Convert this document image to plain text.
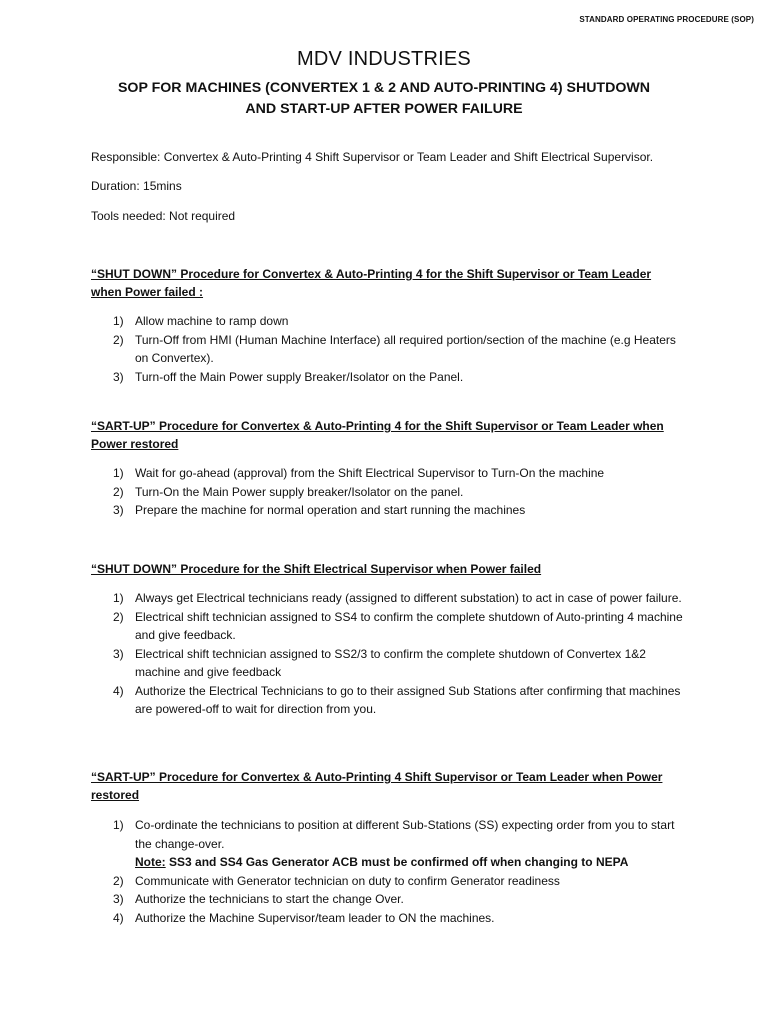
STANDARD OPERATING PROCEDURE (SOP)
MDV INDUSTRIES
SOP FOR MACHINES (CONVERTEX 1 & 2 AND AUTO-PRINTING 4) SHUTDOWN
AND START-UP AFTER POWER FAILURE
Responsible: Convertex & Auto-Printing 4 Shift Supervisor or Team Leader and Shift Electrical Supervisor.
Duration: 15mins
Tools needed: Not required
“SHUT DOWN” Procedure for Convertex & Auto-Printing 4 for the Shift Supervisor or Team Leader
when Power failed :
1) Allow machine to ramp down
2) Turn-Off from HMI (Human Machine Interface) all required portion/section of the machine (e.g Heaters on Convertex).
3) Turn-off the Main Power supply Breaker/Isolator on the Panel.
“SART-UP” Procedure for Convertex & Auto-Printing 4 for the Shift Supervisor or Team Leader when
Power restored
1) Wait for go-ahead (approval) from the Shift Electrical Supervisor to Turn-On the machine
2) Turn-On the Main Power supply breaker/Isolator on the panel.
3) Prepare the machine for normal operation and start running the machines
“SHUT DOWN” Procedure for the Shift Electrical Supervisor when Power failed
1) Always get Electrical technicians ready (assigned to different substation) to act in case of power failure.
2) Electrical shift technician assigned to SS4 to confirm the complete shutdown of Auto-printing 4 machine and give feedback.
3) Electrical shift technician assigned to SS2/3 to confirm the complete shutdown of Convertex 1&2 machine and give feedback
4) Authorize the Electrical Technicians to go to their assigned Sub Stations after confirming that machines are powered-off to wait for direction from you.
“SART-UP” Procedure for Convertex & Auto-Printing 4 Shift Supervisor or Team Leader when Power
restored
1) Co-ordinate the technicians to position at different Sub-Stations (SS) expecting order from you to start the change-over.
Note: SS3 and SS4 Gas Generator ACB must be confirmed off when changing to NEPA
2) Communicate with Generator technician on duty to confirm Generator readiness
3) Authorize the technicians to start the change Over.
4) Authorize the Machine Supervisor/team leader to ON the machines.
